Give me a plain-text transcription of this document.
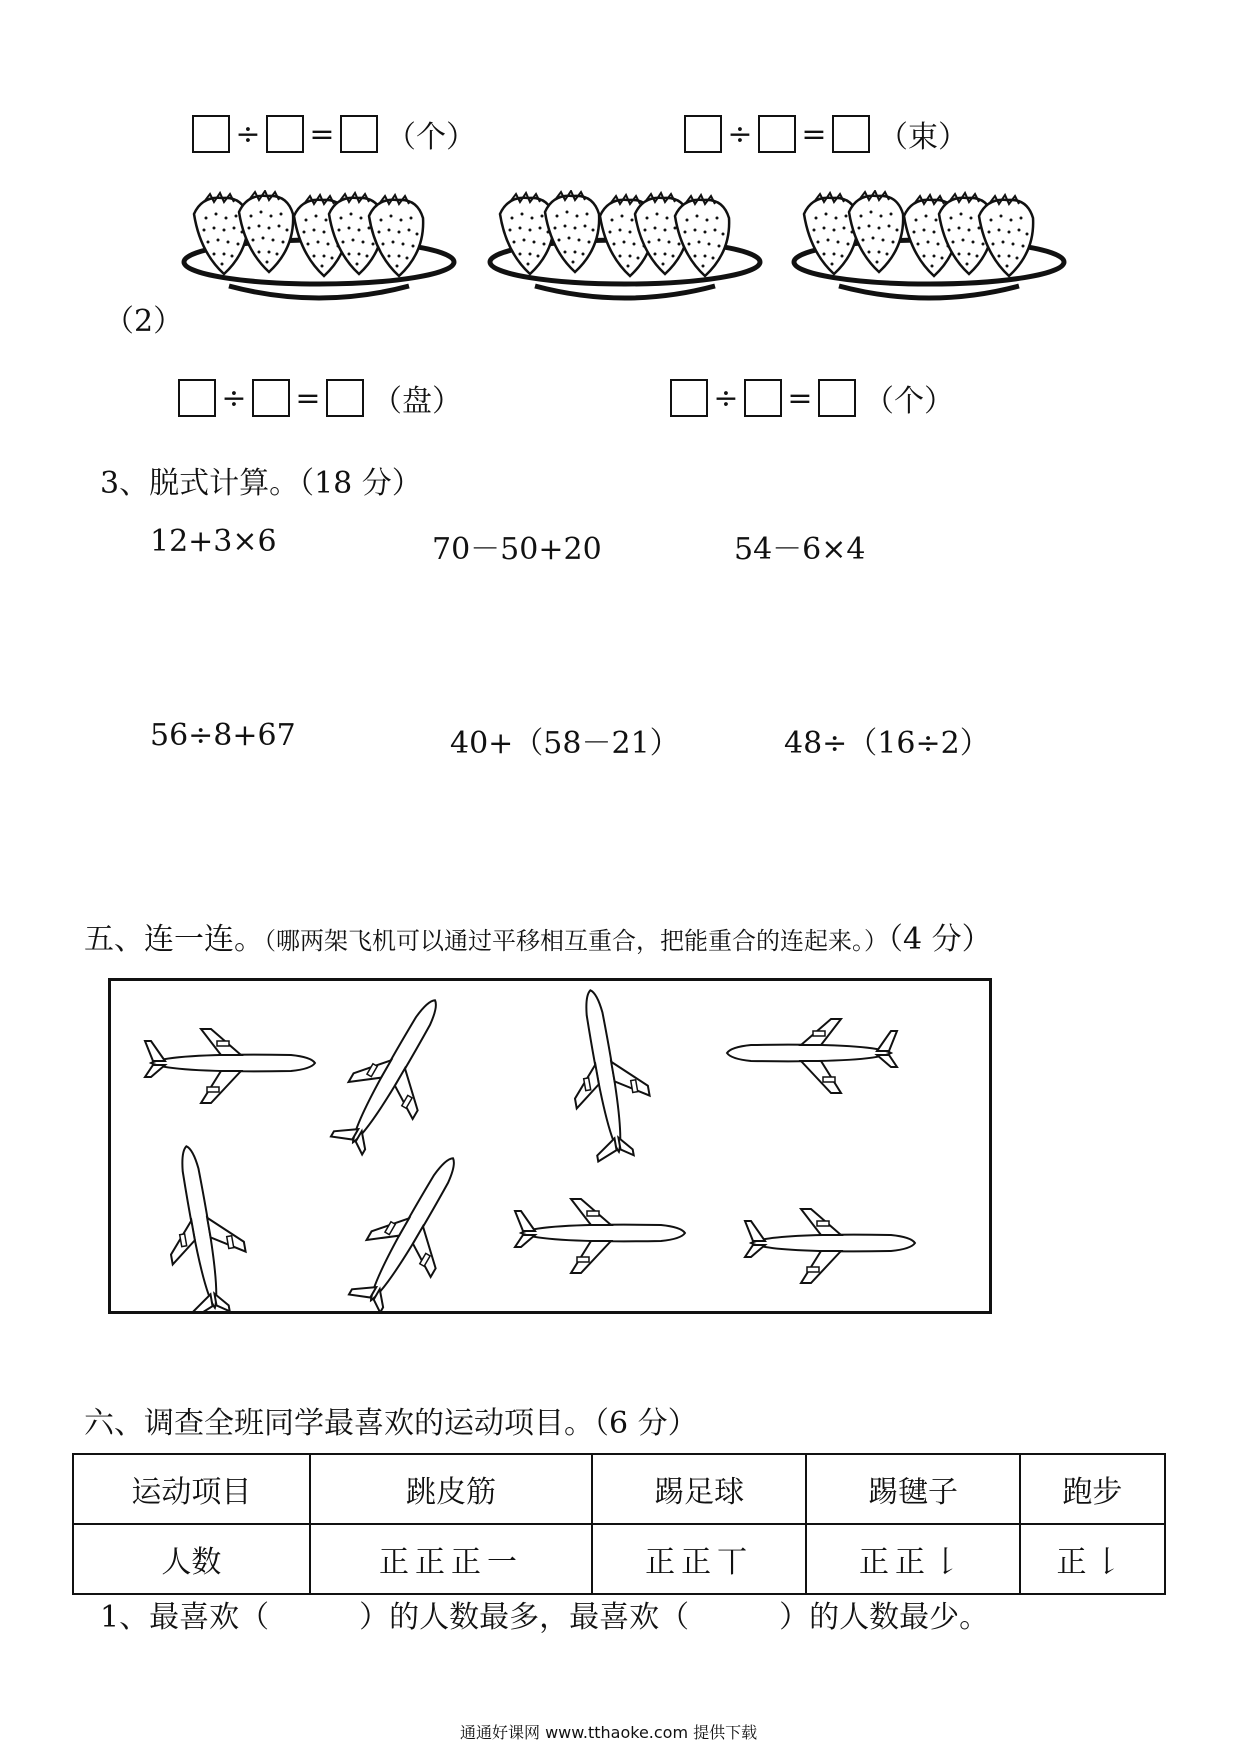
÷ = （个）	÷ = （束）
（2）
÷ = （盘）	÷ = （个）
3、脱式计算。（18 分）
12+3×6	70－50+20	54－6×4
56÷8+67	40+（58－21）	48÷（16÷2）
五、连一连。（哪两架飞机可以通过平移相互重合，把能重合的连起来。）（4 分）
六、调查全班同学最喜欢的运动项目。（6 分）
运动项目	跳皮筋	踢足球	踢毽子	跑步
人数	正正正一	正正丅	正正𠄌	正𠄌
1、最喜欢（　　　）的人数最多，最喜欢（　　　）的人数最少。
通通好课网 www.tthaoke.com 提供下载
